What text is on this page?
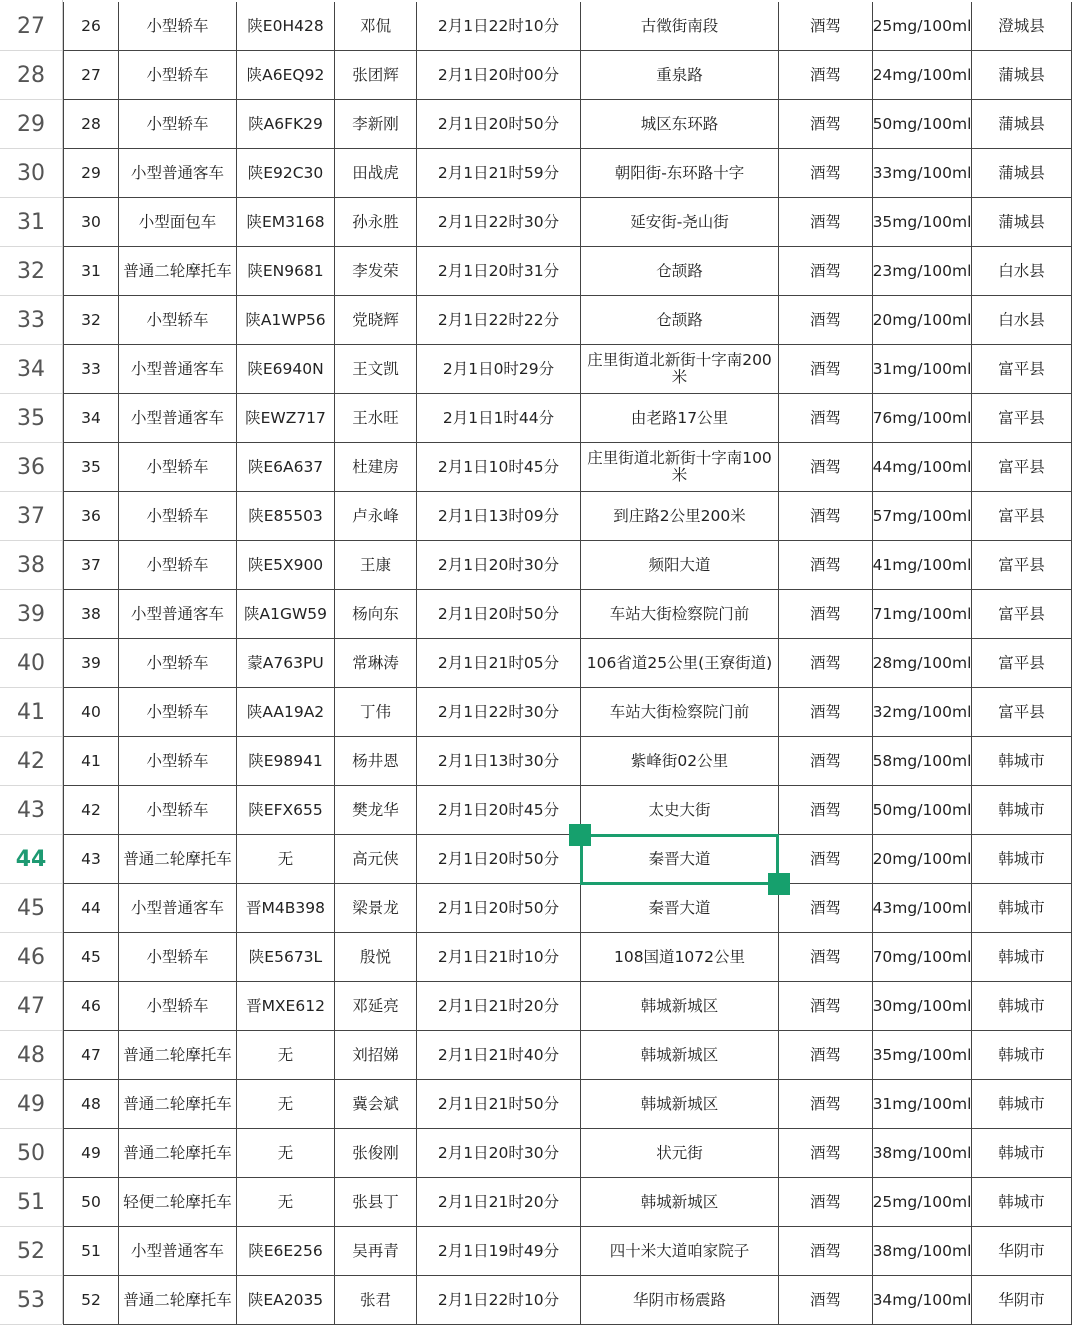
27	26	小型轿车	陕E0H428	邓侃	2月1日22时10分	古徵街南段	酒驾	25mg/100ml	澄城县
28	27	小型轿车	陕A6EQ92	张团辉	2月1日20时00分	重泉路	酒驾	24mg/100ml	蒲城县
29	28	小型轿车	陕A6FK29	李新刚	2月1日20时50分	城区东环路	酒驾	50mg/100ml	蒲城县
30	29	小型普通客车	陕E92C30	田战虎	2月1日21时59分	朝阳街-东环路十字	酒驾	33mg/100ml	蒲城县
31	30	小型面包车	陕EM3168	孙永胜	2月1日22时30分	延安街-尧山街	酒驾	35mg/100ml	蒲城县
32	31	普通二轮摩托车	陕EN9681	李发荣	2月1日20时31分	仓颉路	酒驾	23mg/100ml	白水县
33	32	小型轿车	陕A1WP56	党晓辉	2月1日22时22分	仓颉路	酒驾	20mg/100ml	白水县
34	33	小型普通客车	陕E6940N	王文凯	2月1日0时29分	庄里街道北新街十字南200米	酒驾	31mg/100ml	富平县
35	34	小型普通客车	陕EWZ717	王水旺	2月1日1时44分	由老路17公里	酒驾	76mg/100ml	富平县
36	35	小型轿车	陕E6A637	杜建房	2月1日10时45分	庄里街道北新街十字南100米	酒驾	44mg/100ml	富平县
37	36	小型轿车	陕E85503	卢永峰	2月1日13时09分	到庄路2公里200米	酒驾	57mg/100ml	富平县
38	37	小型轿车	陕E5X900	王康	2月1日20时30分	频阳大道	酒驾	41mg/100ml	富平县
39	38	小型普通客车	陕A1GW59	杨向东	2月1日20时50分	车站大街检察院门前	酒驾	71mg/100ml	富平县
40	39	小型轿车	蒙A763PU	常琳涛	2月1日21时05分	106省道25公里(王寮街道)	酒驾	28mg/100ml	富平县
41	40	小型轿车	陕AA19A2	丁伟	2月1日22时30分	车站大街检察院门前	酒驾	32mg/100ml	富平县
42	41	小型轿车	陕E98941	杨井恩	2月1日13时30分	紫峰街02公里	酒驾	58mg/100ml	韩城市
43	42	小型轿车	陕EFX655	樊龙华	2月1日20时45分	太史大街	酒驾	50mg/100ml	韩城市
44	43	普通二轮摩托车	无	高元侠	2月1日20时50分	秦晋大道	酒驾	20mg/100ml	韩城市
45	44	小型普通客车	晋M4B398	梁景龙	2月1日20时50分	秦晋大道	酒驾	43mg/100ml	韩城市
46	45	小型轿车	陕E5673L	殷悦	2月1日21时10分	108国道1072公里	酒驾	70mg/100ml	韩城市
47	46	小型轿车	晋MXE612	邓延亮	2月1日21时20分	韩城新城区	酒驾	30mg/100ml	韩城市
48	47	普通二轮摩托车	无	刘招娣	2月1日21时40分	韩城新城区	酒驾	35mg/100ml	韩城市
49	48	普通二轮摩托车	无	冀会斌	2月1日21时50分	韩城新城区	酒驾	31mg/100ml	韩城市
50	49	普通二轮摩托车	无	张俊刚	2月1日20时30分	状元街	酒驾	38mg/100ml	韩城市
51	50	轻便二轮摩托车	无	张县丁	2月1日21时20分	韩城新城区	酒驾	25mg/100ml	韩城市
52	51	小型普通客车	陕E6E256	吴再青	2月1日19时49分	四十米大道咱家院子	酒驾	38mg/100ml	华阴市
53	52	普通二轮摩托车	陕EA2035	张君	2月1日22时10分	华阴市杨震路	酒驾	34mg/100ml	华阴市
